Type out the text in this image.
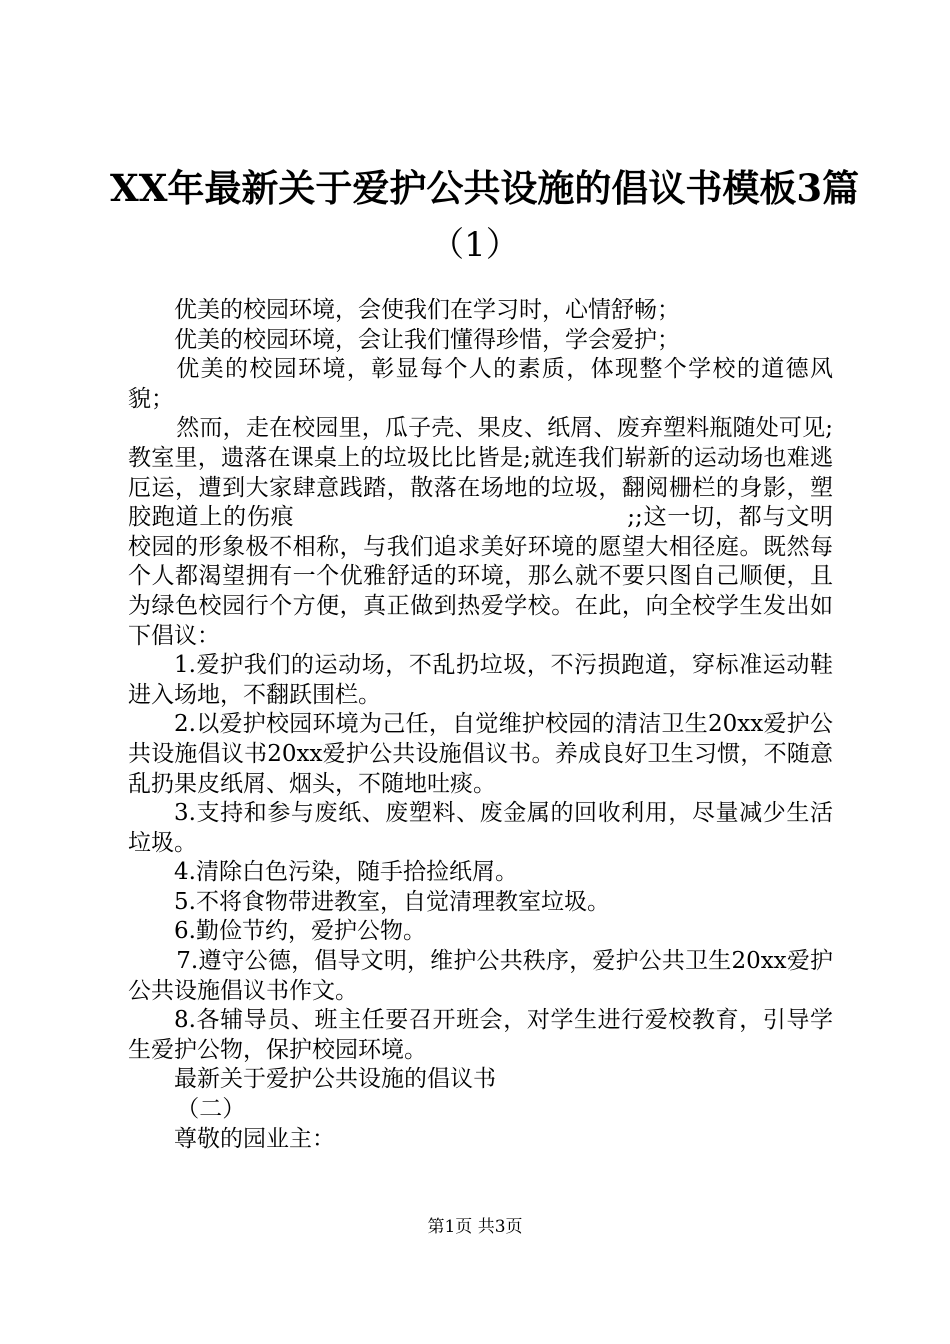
XX年最新关于爱护公共设施的倡议书模板3篇
（1）

优美的校园环境，会使我们在学习时，心情舒畅；

优美的校园环境，会让我们懂得珍惜，学会爱护；

优美的校园环境，彰显每个人的素质，体现整个学校的道德风貌；

然而，走在校园里，瓜子壳、果皮、纸屑、废弃塑料瓶随处可见;教室里，遗落在课桌上的垃圾比比皆是;就连我们崭新的运动场也难逃厄运，遭到大家肆意践踏，散落在场地的垃圾，翻阅栅栏的身影，塑胶跑道上的伤痕　　　　　　　　　　　　　　;;这一切，都与文明校园的形象极不相称，与我们追求美好环境的愿望大相径庭。既然每个人都渴望拥有一个优雅舒适的环境，那么就不要只图自己顺便，且为绿色校园行个方便，真正做到热爱学校。在此，向全校学生发出如下倡议：

1.爱护我们的运动场，不乱扔垃圾，不污损跑道，穿标准运动鞋进入场地，不翻跃围栏。

2.以爱护校园环境为己任，自觉维护校园的清洁卫生20xx爱护公共设施倡议书20xx爱护公共设施倡议书。养成良好卫生习惯，不随意乱扔果皮纸屑、烟头，不随地吐痰。

3.支持和参与废纸、废塑料、废金属的回收利用，尽量减少生活垃圾。

4.清除白色污染，随手拾捡纸屑。

5.不将食物带进教室，自觉清理教室垃圾。

6.勤俭节约，爱护公物。

7.遵守公德，倡导文明，维护公共秩序，爱护公共卫生20xx爱护公共设施倡议书作文。

8.各辅导员、班主任要召开班会，对学生进行爱校教育，引导学生爱护公物，保护校园环境。

最新关于爱护公共设施的倡议书

（二）

尊敬的园业主：

第1页 共3页
